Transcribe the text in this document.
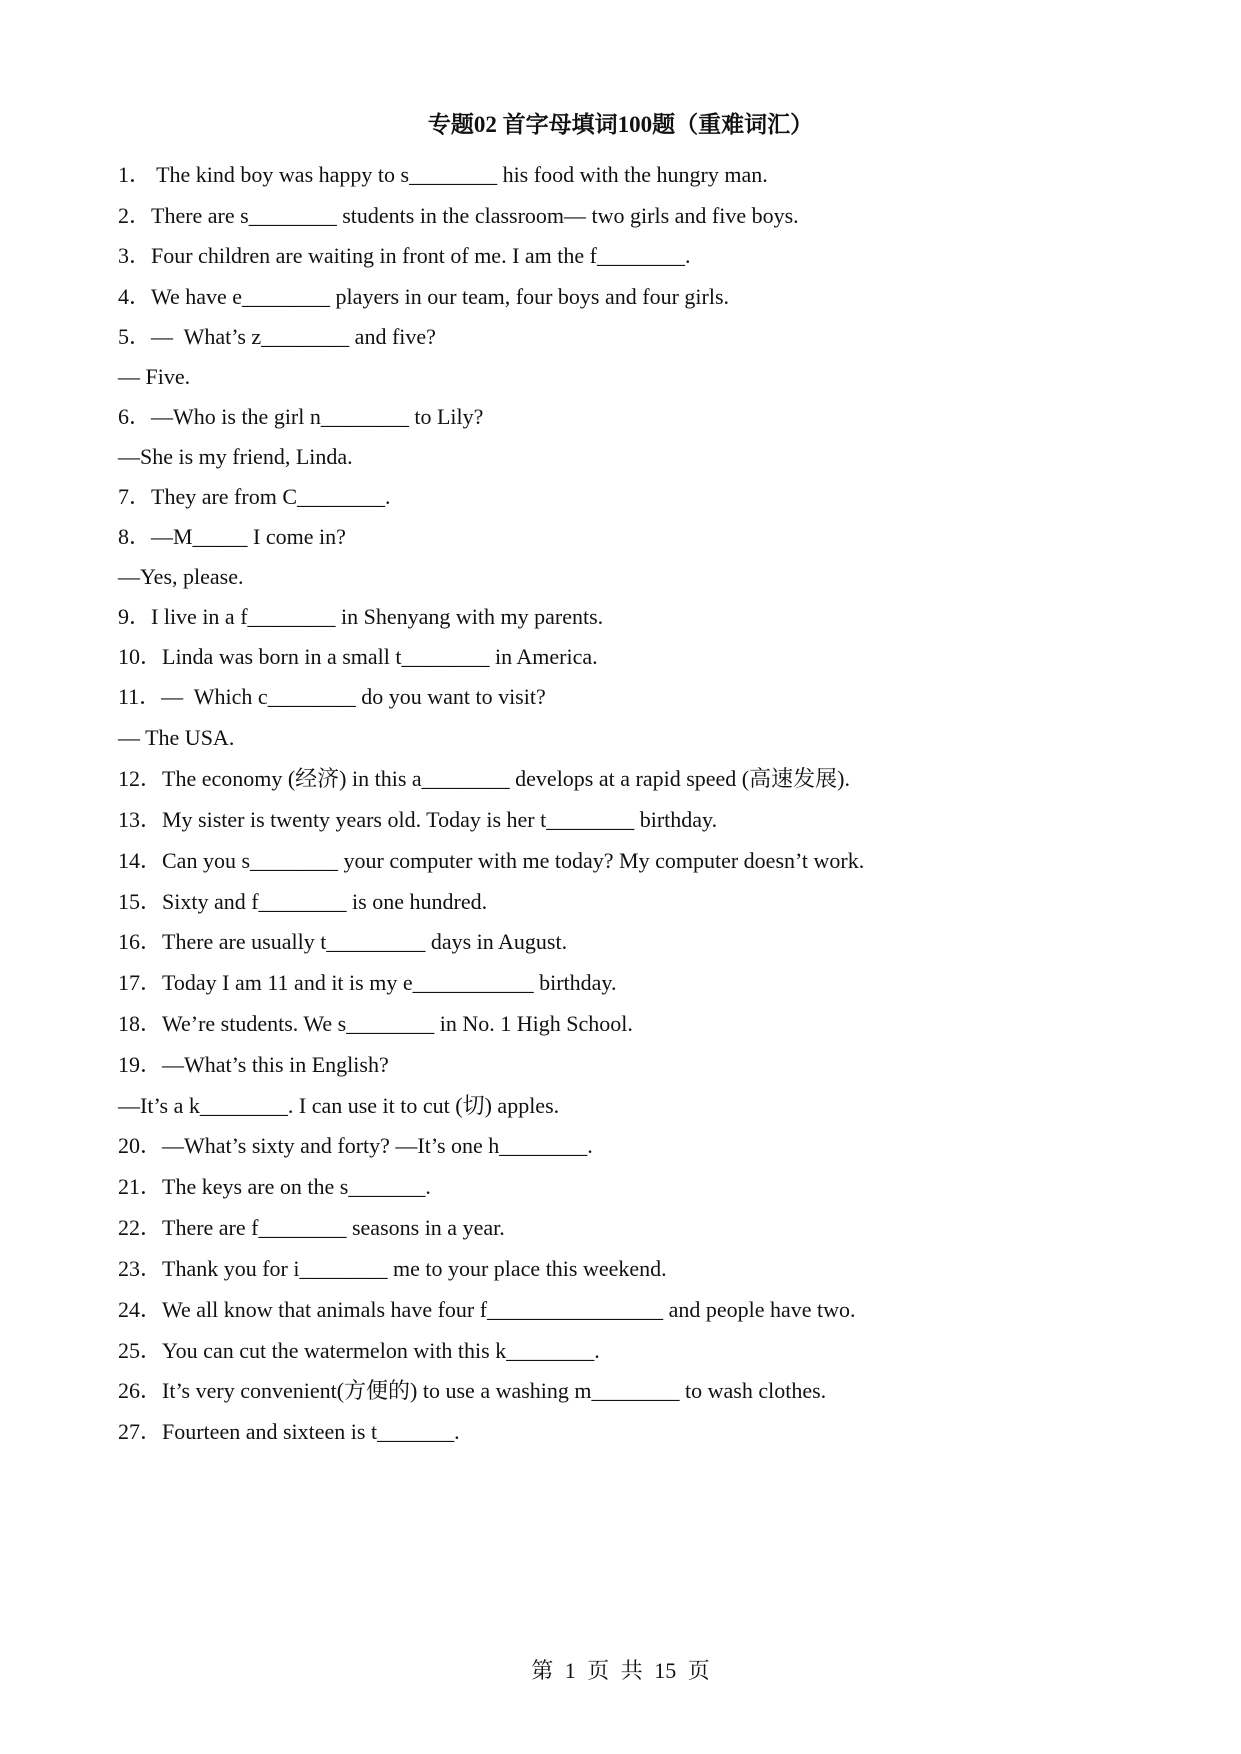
专题02 首字母填词100题（重难词汇）
1． The kind boy was happy to s________ his food with the hungry man.
2．There are s________ students in the classroom— two girls and five boys.
3．Four children are waiting in front of me. I am the f________.
4．We have e________ players in our team, four boys and four girls.
5．—  What’s z________ and five?
— Five.
6．—Who is the girl n________ to Lily?
—She is my friend, Linda.
7．They are from C________.
8．—M_____ I come in?
—Yes, please.
9．I live in a f________ in Shenyang with my parents.
10．Linda was born in a small t________ in America.
11．—  Which c________ do you want to visit?
— The USA.
12．The economy (经济) in this a________ develops at a rapid speed (高速发展).
13．My sister is twenty years old. Today is her t________ birthday.
14．Can you s________ your computer with me today? My computer doesn’t work.
15．Sixty and f________ is one hundred.
16．There are usually t_________ days in August.
17．Today I am 11 and it is my e___________ birthday.
18．We’re students. We s________ in No. 1 High School.
19．—What’s this in English?
—It’s a k________. I can use it to cut (切) apples.
20．—What’s sixty and forty? —It’s one h________.
21．The keys are on the s_______.
22．There are f________ seasons in a year.
23．Thank you for i________ me to your place this weekend.
24．We all know that animals have four f________________ and people have two.
25．You can cut the watermelon with this k________.
26．It’s very convenient(方便的) to use a washing m________ to wash clothes.
27．Fourteen and sixteen is t_______.
第 1 页 共 15 页
